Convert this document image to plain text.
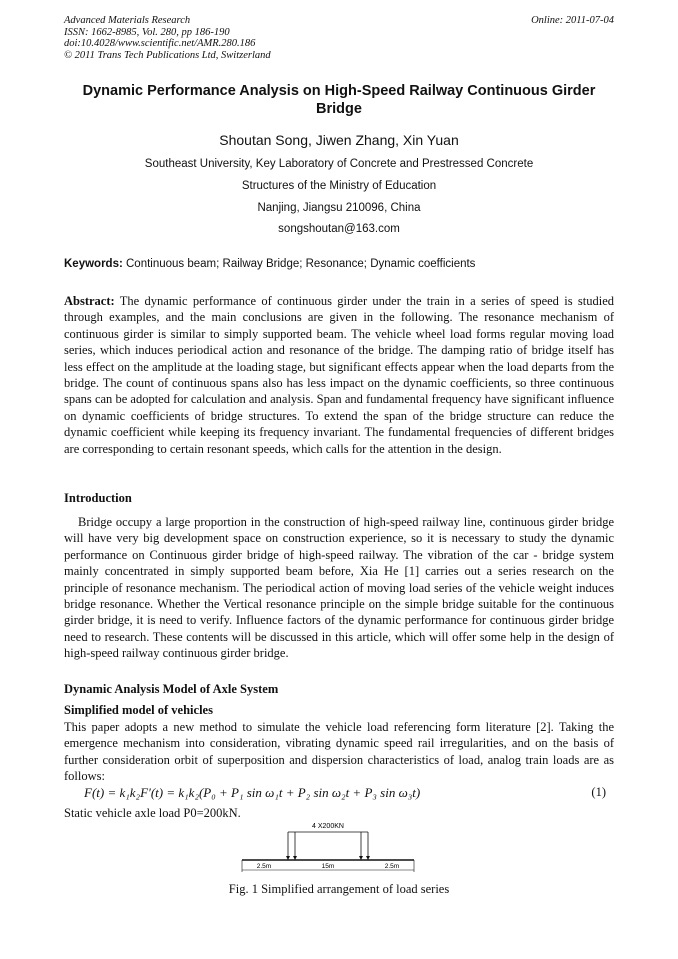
Advanced Materials Research
ISSN: 1662-8985, Vol. 280, pp 186-190
doi:10.4028/www.scientific.net/AMR.280.186
© 2011 Trans Tech Publications Ltd, Switzerland
Online: 2011-07-04
Dynamic Performance Analysis on High-Speed Railway Continuous Girder Bridge
Shoutan Song, Jiwen Zhang, Xin Yuan
Southeast University, Key Laboratory of Concrete and Prestressed Concrete
Structures of the Ministry of Education
Nanjing, Jiangsu 210096, China
songshoutan@163.com
Keywords: Continuous beam; Railway Bridge; Resonance; Dynamic coefficients

Abstract: The dynamic performance of continuous girder under the train in a series of speed is studied through examples, and the main conclusions are given in the following. The resonance mechanism of continuous girder is similar to simply supported beam. The vehicle wheel load forms regular moving load series, which induces periodical action and resonance of the bridge. The damping ratio of bridge itself has less effect on the amplitude at the loading stage, but significant effects appear when the load departs from the bridge. The count of continuous spans also has less impact on the dynamic coefficients, so three continuous spans can be adopted for calculation and analysis. Span and fundamental frequency have significant influence on dynamic coefficients of bridge structures. To extend the span of the bridge structure can reduce the dynamic coefficient while keeping its frequency invariant. The fundamental frequencies of different bridges are corresponding to certain resonant speeds, which calls for the attention in the design.

Introduction

Bridge occupy a large proportion in the construction of high-speed railway line, continuous girder bridge will have very big development space on construction experience, so it is necessary to study the dynamic performance on Continuous girder bridge of high-speed railway. The vibration of the car - bridge system mainly concentrated in simply supported beam before, Xia He [1] carries out a series research on the principle of resonance mechanism. The periodical action of moving load series of the vehicle weight induces bridge resonance. Whether the Vertical resonance principle on the simple bridge suitable for the continuous girder bridge, it is need to verify. Influence factors of the dynamic performance for continuous girder bridge need to research. These contents will be discussed in this article, which will offer some help in the design of high-speed railway continuous girder bridge.

Dynamic Analysis Model of Axle System
Simplified model of vehicles

This paper adopts a new method to simulate the vehicle load referencing form literature [2]. Taking the emergence mechanism into consideration, vibrating dynamic speed rail irregularities, and on the basis of further consideration orbit of superposition and dispersion characteristics of load, analog train loads are as follows:

F(t) = k₁k₂F′(t) = k₁k₂(P₀ + P₁ sin ω₁t + P₂ sin ω₂t + P₃ sin ω₃t)	(1)
Static vehicle axle load P0=200kN.
4 X200KN
2.5m	15m	2.5m
Fig. 1 Simplified arrangement of load series
